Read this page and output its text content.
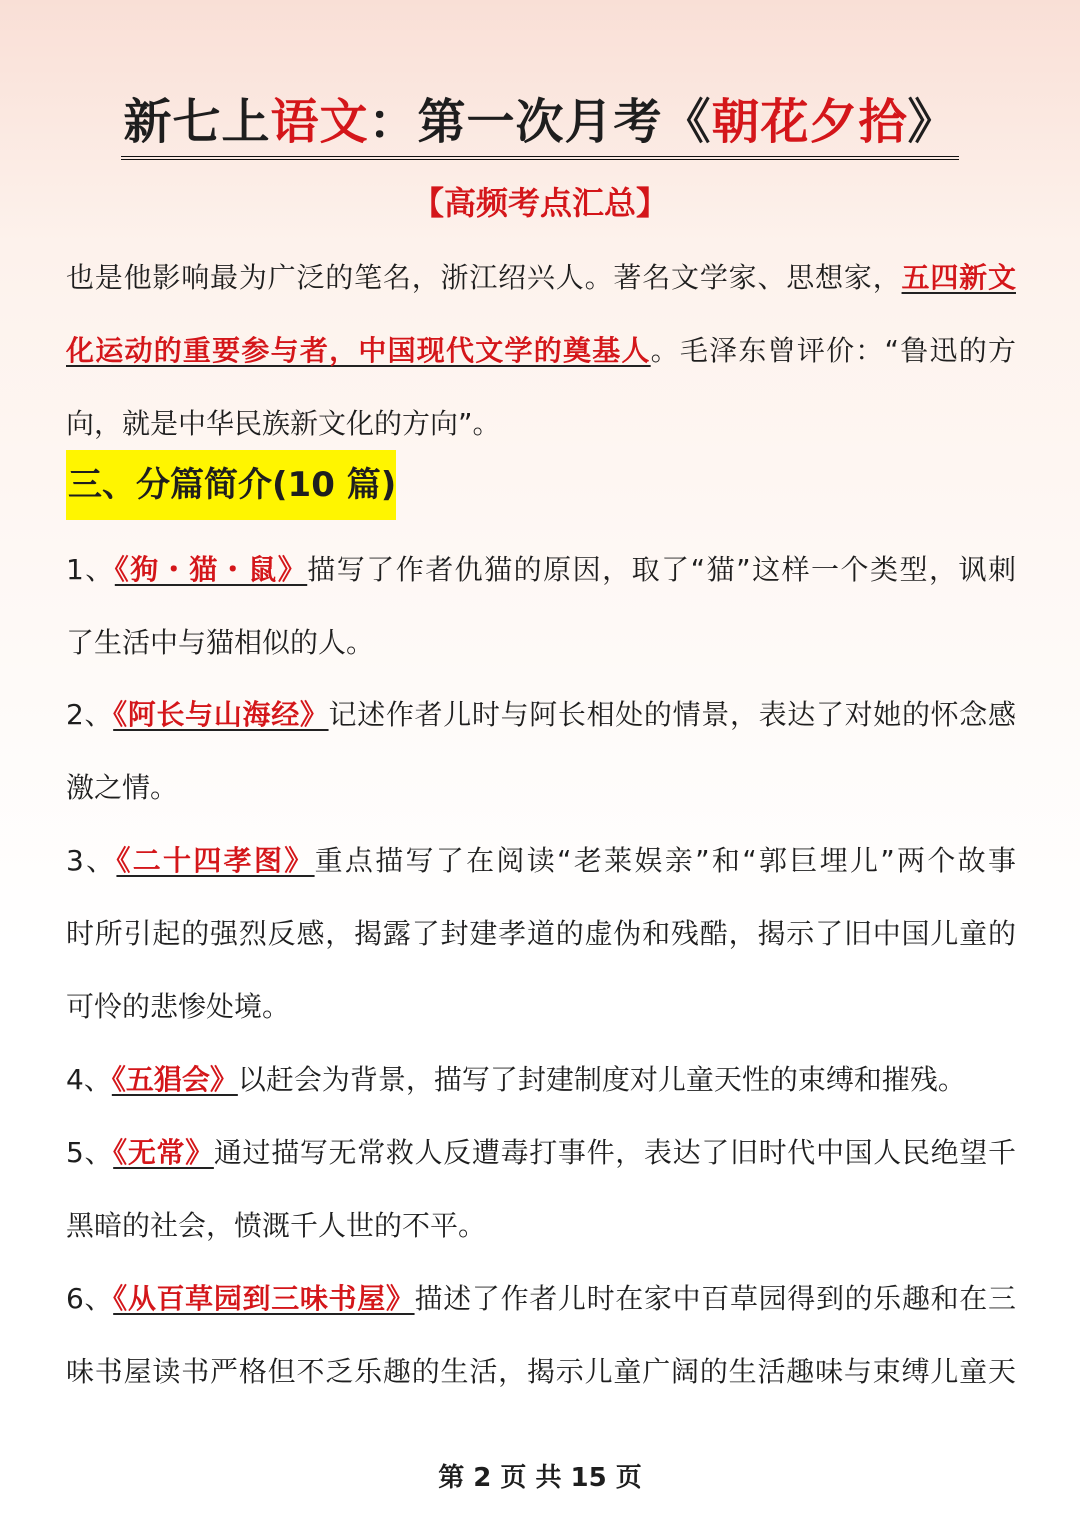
新七上语文：第一次月考《朝花夕拾》
【高频考点汇总】
也是他影响最为广泛的笔名，浙江绍兴人。著名文学家、思想家，五四新文
化运动的重要参与者，中国现代文学的奠基人。毛泽东曾评价：“鲁迅的方
向，就是中华民族新文化的方向”。
1、《狗・猫・鼠》描写了作者仇猫的原因，取了“猫”这样一个类型，讽刺
了生活中与猫相似的人。
2、《阿长与山海经》记述作者儿时与阿长相处的情景，表达了对她的怀念感
激之情。
3、《二十四孝图》重点描写了在阅读“老莱娱亲”和“郭巨埋儿”两个故事
时所引起的强烈反感，揭露了封建孝道的虚伪和残酷，揭示了旧中国儿童的
可怜的悲惨处境。
4、《五猖会》以赶会为背景，描写了封建制度对儿童天性的束缚和摧残。
5、《无常》通过描写无常救人反遭毒打事件，表达了旧时代中国人民绝望千
黑暗的社会，愤溉千人世的不平。
6、《从百草园到三味书屋》描述了作者儿时在家中百草园得到的乐趣和在三
味书屋读书严格但不乏乐趣的生活，揭示儿童广阔的生活趣味与束缚儿童天
三、分篇简介(10 篇)
第 2 页 共 15 页
